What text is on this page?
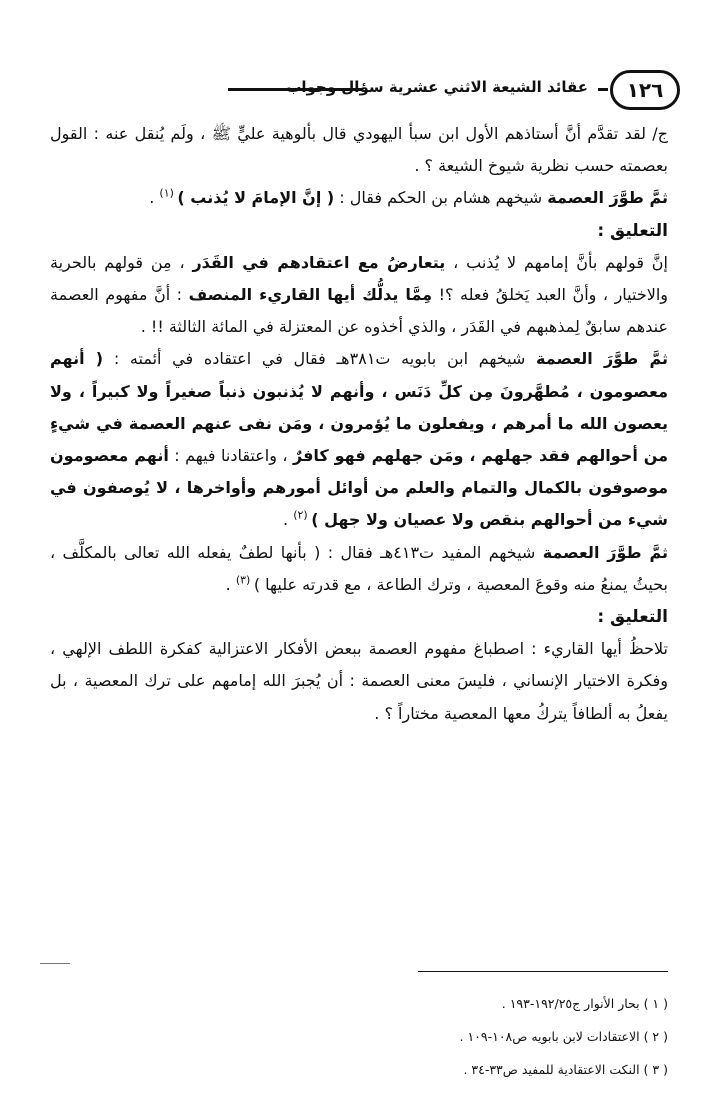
١٢٦
عقائد الشيعة الاثني عشرية سؤال وجواب

ج/ لقد تقدَّم أنَّ أستاذهم الأول ابن سبأ اليهودي قال بألوهية عليٍّ ﷺ ، ولَم يُنقل عنه : القول بعصمته حسب نظرية شيوخ الشيعة ؟ .

ثمَّ طوَّرَ العصمة شيخهم هشام بن الحكم فقال : ( إنَّ الإمامَ لا يُذنب ) $^{(١)}$ .

التعليق :

إنَّ قولهم بأنَّ إمامهم لا يُذنب ، يتعارضُ مع اعتقادهم في القَدَر ، مِن قولهم بالحرية والاختيار ، وأنَّ العبد يَخلقُ فعله ؟! مِمَّا يدلُّك أيها القاريء المنصف : أنَّ مفهوم العصمة عندهم سابقٌ لِمذهبهم في القَدَر ، والذي أخذوه عن المعتزلة في المائة الثالثة !! .

ثمَّ طوَّرَ العصمة شيخهم ابن بابويه ت٣٨١هـ فقال في اعتقاده في أئمته : ( أنهم معصومون ، مُطهَّرونَ مِن كلِّ دَنَس ، وأنهم لا يُذنبون ذنباً صغيراً ولا كبيراً ، ولا يعصون الله ما أمرهم ، ويفعلون ما يُؤمرون ، ومَن نفى عنهم العصمة في شيءٍ من أحوالهم فقد جهلهم ، ومَن جهلهم فهو كافرٌ ، واعتقادنا فيهم : أنهم معصومون موصوفون بالكمال والتمام والعلم من أوائل أمورهم وأواخرها ، لا يُوصفون في شيء من أحوالهم بنقص ولا عصيان ولا جهل ) $^{(٢)}$ .

ثمَّ طوَّرَ العصمة شيخهم المفيد ت٤١٣هـ فقال : ( بأنها لطفٌ يفعله الله تعالى بالمكلَّف ، بحيثُ يمنعُ منه وقوعَ المعصية ، وترك الطاعة ، مع قدرته عليها ) $^{(٣)}$ .

التعليق :

تلاحظُ أيها القاريء : اصطباغ مفهوم العصمة ببعض الأفكار الاعتزالية كفكرة اللطف الإلهي ، وفكرة الاختيار الإنساني ، فليسَ معنى العصمة : أن يُجبرَ الله إمامهم على ترك المعصية ، بل يفعلُ به ألطافاً يتركُ معها المعصية مختاراً ؟ .

( ١ ) بحار الأنوار ج١٩٢/٢٥-١٩٣ .
( ٢ ) الاعتقادات لابن بابويه ص١٠٨-١٠٩ .
( ٣ ) النكت الاعتقادية للمفيد ص٣٣-٣٤ .
